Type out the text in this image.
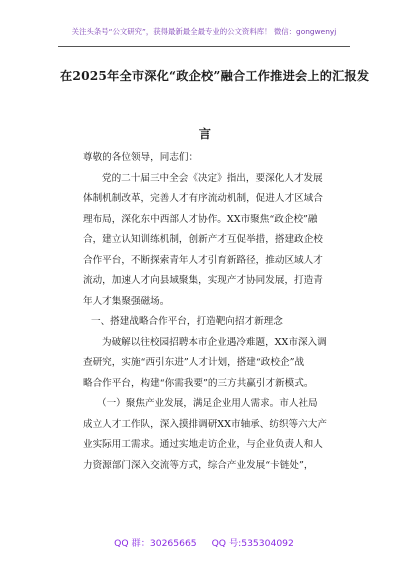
关注头条号“公文研究”，获得最新最全最专业的公文资料库！ 微信：gongwenyj
在2025年全市深化“政企校”融合工作推进会上的汇报发
言

尊敬的各位领导，同志们：

党的二十届三中全会《决定》指出，要深化人才发展

体制机制改革，完善人才有序流动机制，促进人才区域合

理布局，深化东中西部人才协作。XX市聚焦“政企校”融

合，建立认知训练机制，创新产才互促举措，搭建政企校

合作平台，不断探索青年人才引育新路径，推动区域人才

流动，加速人才向县域聚集，实现产才协同发展，打造青

年人才集聚强磁场。

一、搭建战略合作平台，打造靶向招才新理念

为破解以往校园招聘本市企业遇冷难题，XX市深入调

查研究，实施“西引东进”人才计划，搭建“政校企”战

略合作平台，构建“你需我要”的三方共赢引才新模式。

（一）聚焦产业发展，满足企业用人需求。市人社局

成立人才工作队，深入摸排调研XX市轴承、纺织等六大产

业实际用工需求。通过实地走访企业，与企业负责人和人

力资源部门深入交流等方式，综合产业发展“卡链处”，

QQ 群：30265665 QQ 号:535304092
